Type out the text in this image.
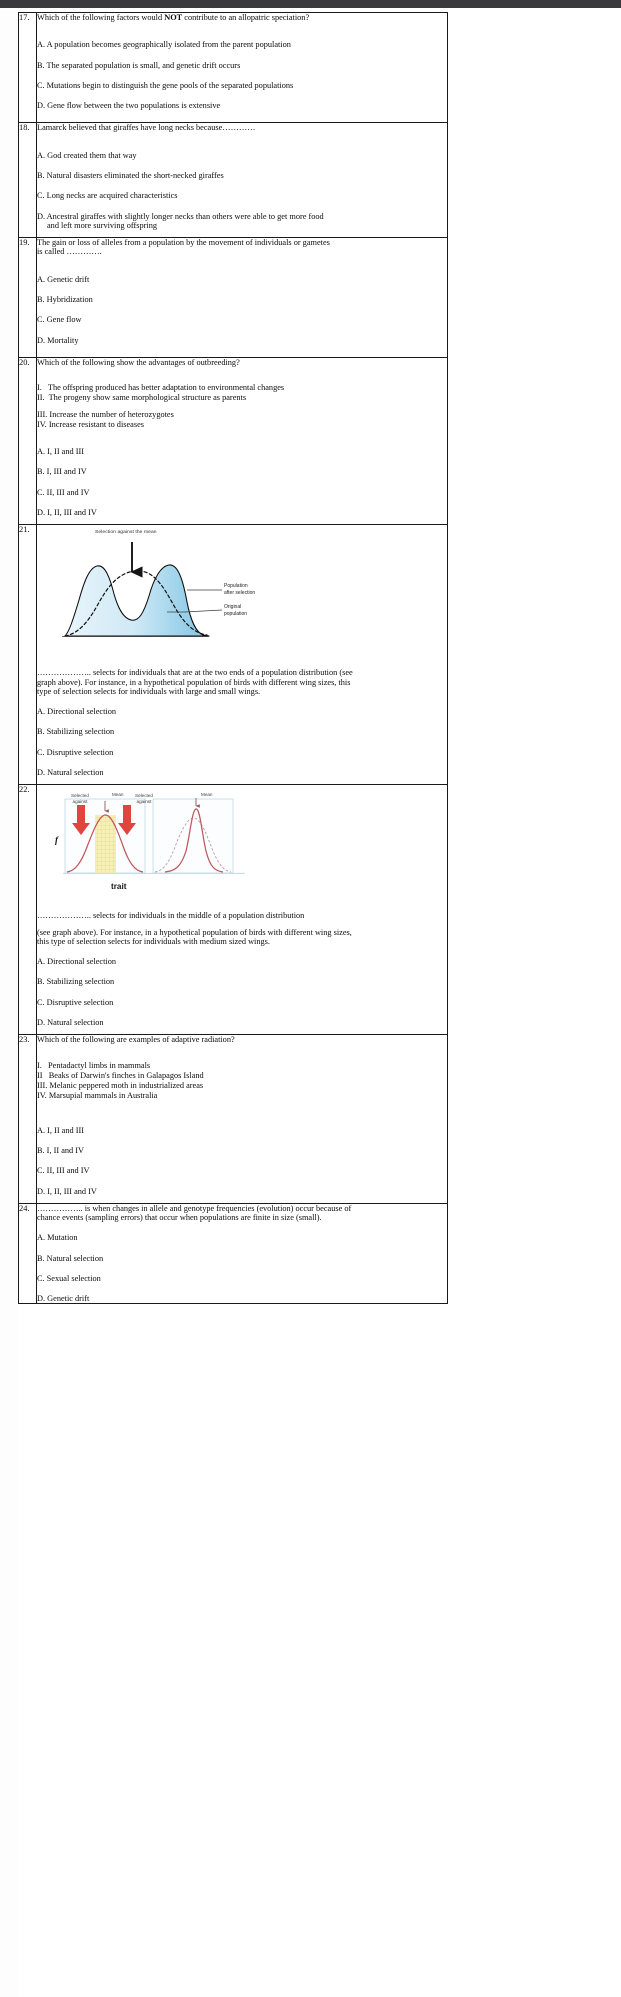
17.	Which of the following factors would NOT contribute to an allopatric speciation?
A. A population becomes geographically isolated from the parent population
B. The separated population is small, and genetic drift occurs
C. Mutations begin to distinguish the gene pools of the separated populations
D. Gene flow between the two populations is extensive

18.	Lamarck believed that giraffes have long necks because…………
A. God created them that way
B. Natural disasters eliminated the short-necked giraffes
C. Long necks are acquired characteristics
D. Ancestral giraffes with slightly longer necks than others were able to get more food
and left more surviving offspring

19.	The gain or loss of alleles from a population by the movement of individuals or gametes
is called ………….
A. Genetic drift
B. Hybridization
C. Gene flow
D. Mortality

20.	Which of the following show the advantages of outbreeding?
I.   The offspring produced has better adaptation to environmental changes
II.  The progeny show same morphological structure as parents
III. Increase the number of heterozygotes
IV. Increase resistant to diseases
A. I, II and III
B. I, III and IV
C. II, III and IV
D. I, II, III and IV

21.	Selection against the mean
Population
after selection
Original
population
……………….. selects for individuals that are at the two ends of a population distribution (see
graph above). For instance, in a hypothetical population of birds with different wing sizes, this
type of selection selects for individuals with large and small wings.
A. Directional selection
B. Stabilizing selection
C. Disruptive selection
D. Natural selection

22.	
Selected
against
Mean	Selected
against
Mean
f
trait
……………….. selects for individuals in the middle of a population distribution
(see graph above). For instance, in a hypothetical population of birds with different wing sizes,
this type of selection selects for individuals with medium sized wings.
A. Directional selection
B. Stabilizing selection
C. Disruptive selection
D. Natural selection

23.	Which of the following are examples of adaptive radiation?
I.   Pentadactyl limbs in mammals
II   Beaks of Darwin's finches in Galapagos Island
III. Melanic peppered moth in industrialized areas
IV. Marsupial mammals in Australia
A. I, II and III
B. I, II and IV
C. II, III and IV
D. I, II, III and IV

24.	…………….. is when changes in allele and genotype frequencies (evolution) occur because of
chance events (sampling errors) that occur when populations are finite in size (small).
A. Mutation
B. Natural selection
C. Sexual selection
D. Genetic drift
